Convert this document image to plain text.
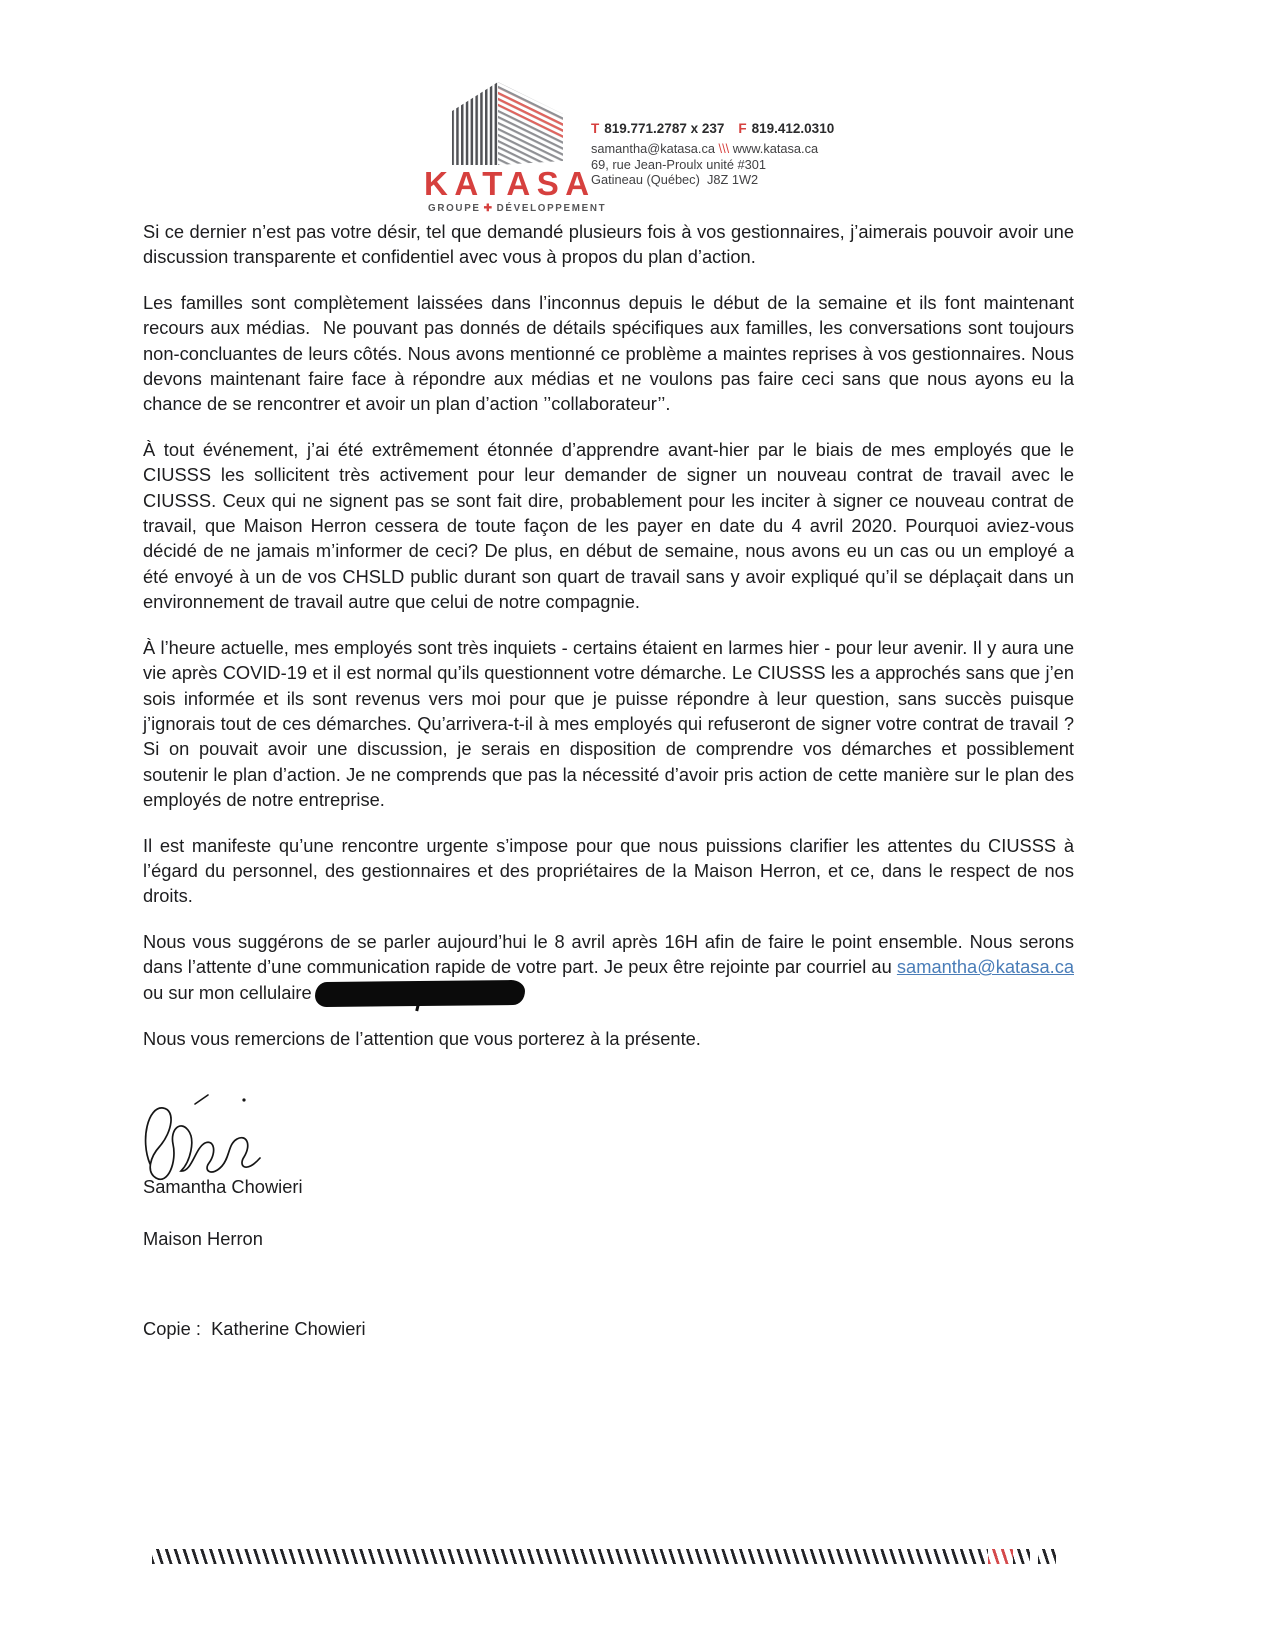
KATASA
GROUPE ✚ DÉVELOPPEMENT
T 819.771.2787 x 237 F 819.412.0310
samantha@katasa.ca \\\ www.katasa.ca
69, rue Jean-Proulx unité #301
Gatineau (Québec)  J8Z 1W2

Si ce dernier n’est pas votre désir, tel que demandé plusieurs fois à vos gestionnaires, j’aimerais pouvoir avoir une discussion transparente et confidentiel avec vous à propos du plan d’action.

Les familles sont complètement laissées dans l’inconnus depuis le début de la semaine et ils font maintenant recours aux médias.  Ne pouvant pas donnés de détails spécifiques aux familles, les conversations sont toujours non-concluantes de leurs côtés. Nous avons mentionné ce problème a maintes reprises à vos gestionnaires. Nous devons maintenant faire face à répondre aux médias et ne voulons pas faire ceci sans que nous ayons eu la chance de se rencontrer et avoir un plan d’action ’’collaborateur’’.

À tout événement, j’ai été extrêmement étonnée d’apprendre avant-hier par le biais de mes employés que le CIUSSS les sollicitent très activement pour leur demander de signer un nouveau contrat de travail avec le CIUSSS. Ceux qui ne signent pas se sont fait dire, probablement pour les inciter à signer ce nouveau contrat de travail, que Maison Herron cessera de toute façon de les payer en date du 4 avril 2020. Pourquoi aviez-vous décidé de ne jamais m’informer de ceci? De plus, en début de semaine, nous avons eu un cas ou un employé a été envoyé à un de vos CHSLD public durant son quart de travail sans y avoir expliqué qu’il se déplaçait dans un environnement de travail autre que celui de notre compagnie.

À l’heure actuelle, mes employés sont très inquiets - certains étaient en larmes hier - pour leur avenir. Il y aura une vie après COVID-19 et il est normal qu’ils questionnent votre démarche. Le CIUSSS les a approchés sans que j’en sois informée et ils sont revenus vers moi pour que je puisse répondre à leur question, sans succès puisque j’ignorais tout de ces démarches. Qu’arrivera-t-il à mes employés qui refuseront de signer votre contrat de travail ? Si on pouvait avoir une discussion, je serais en disposition de comprendre vos démarches et possiblement soutenir le plan d’action. Je ne comprends que pas la nécessité d’avoir pris action de cette manière sur le plan des employés de notre entreprise.

Il est manifeste qu’une rencontre urgente s’impose pour que nous puissions clarifier les attentes du CIUSSS à l’égard du personnel, des gestionnaires et des propriétaires de la Maison Herron, et ce, dans le respect de nos droits.

Nous vous suggérons de se parler aujourd’hui le 8 avril après 16H afin de faire le point ensemble. Nous serons dans l’attente d’une communication rapide de votre part. Je peux être rejointe par courriel au samantha@katasa.ca ou sur mon cellulaire

Nous vous remercions de l’attention que vous porterez à la présente.

Samantha Chowieri
Maison Herron
Copie :  Katherine Chowieri
